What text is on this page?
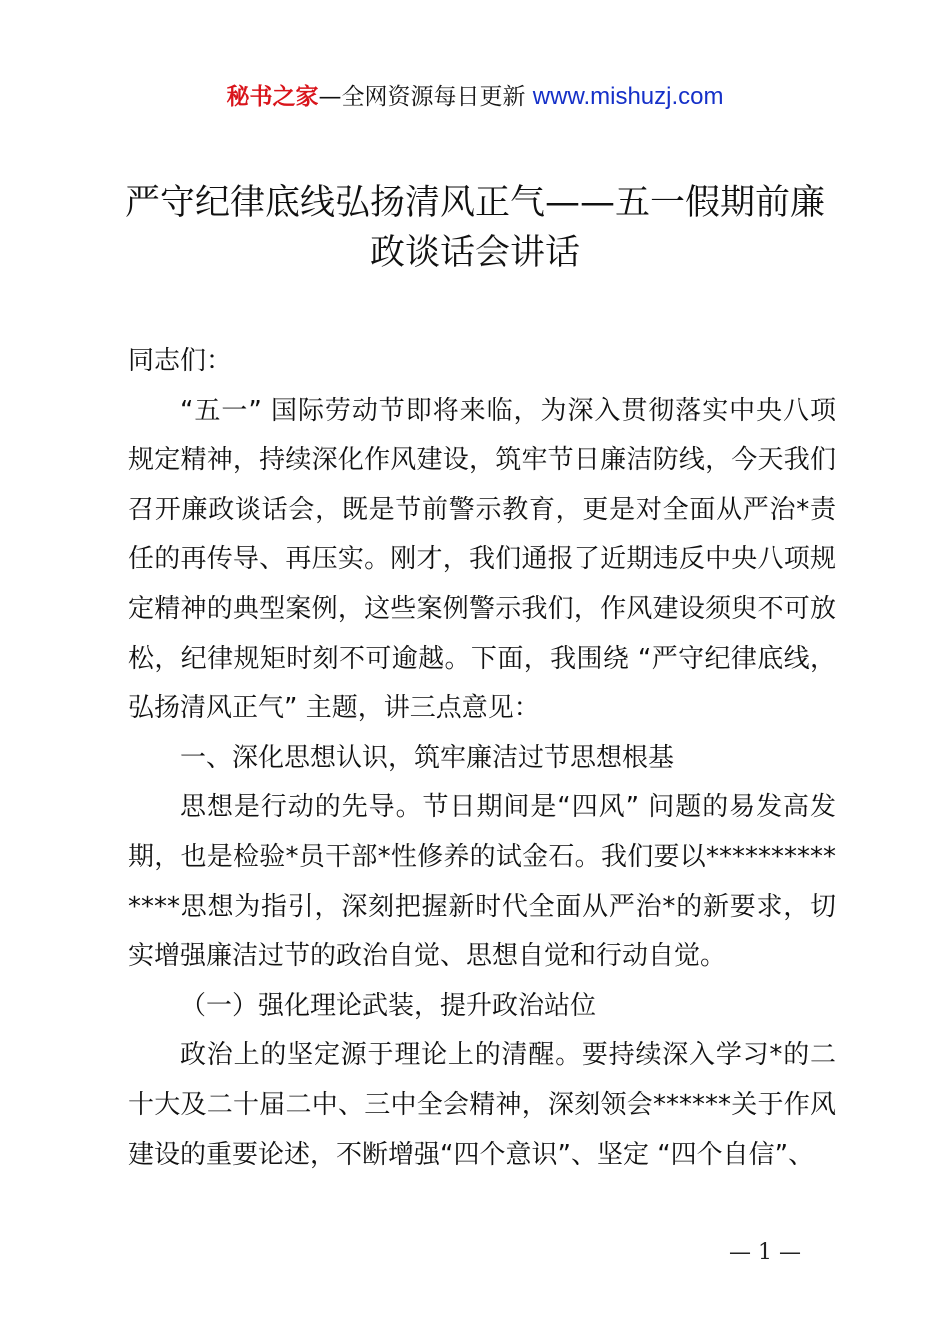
秘书之家—全网资源每日更新 www.mishuzj.com
严守纪律底线弘扬清风正气——五一假期前廉政谈话会讲话

同志们：

“五一” 国际劳动节即将来临，为深入贯彻落实中央八项规定精神，持续深化作风建设，筑牢节日廉洁防线，今天我们召开廉政谈话会，既是节前警示教育，更是对全面从严治*责任的再传导、再压实。刚才，我们通报了近期违反中央八项规定精神的典型案例，这些案例警示我们，作风建设须臾不可放松，纪律规矩时刻不可逾越。下面，我围绕 “严守纪律底线，弘扬清风正气” 主题，讲三点意见：

一、深化思想认识，筑牢廉洁过节思想根基

思想是行动的先导。节日期间是“四风” 问题的易发高发期，也是检验*员干部*性修养的试金石。我们要以**************思想为指引，深刻把握新时代全面从严治*的新要求，切实增强廉洁过节的政治自觉、思想自觉和行动自觉。

（一）强化理论武装，提升政治站位

政治上的坚定源于理论上的清醒。要持续深入学习*的二十大及二十届二中、三中全会精神，深刻领会******关于作风建设的重要论述，不断增强“四个意识”、坚定 “四个自信”、

— 1 —
